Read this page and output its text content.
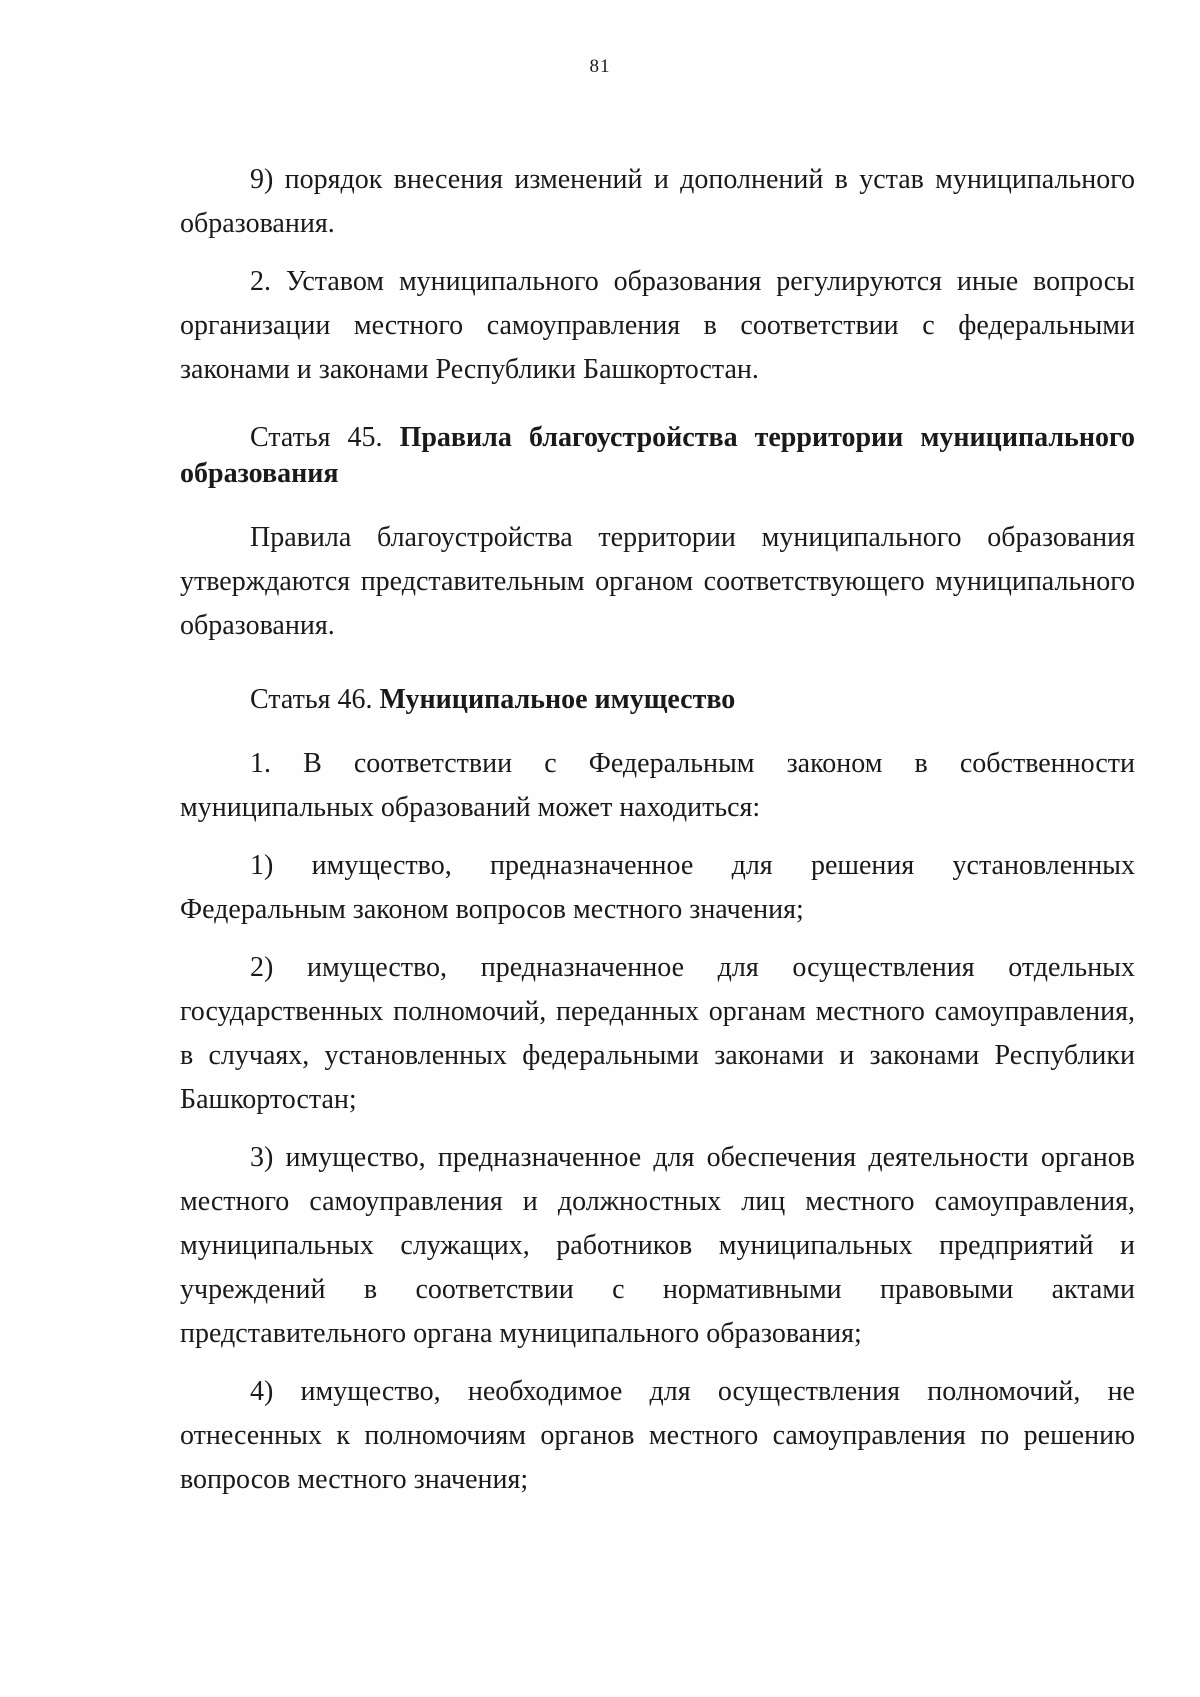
81

9) порядок внесения изменений и дополнений в устав муниципального образования.

2. Уставом муниципального образования регулируются иные вопросы организации местного самоуправления в соответствии с федеральными законами и законами Республики Башкортостан.

Статья 45. Правила благоустройства территории муниципального образования

Правила благоустройства территории муниципального образования утверждаются представительным органом соответствующего муниципального образования.

Статья 46. Муниципальное имущество

1. В соответствии с Федеральным законом в собственности муниципальных образований может находиться:

1) имущество, предназначенное для решения установленных Федеральным законом вопросов местного значения;

2) имущество, предназначенное для осуществления отдельных государственных полномочий, переданных органам местного самоуправления, в случаях, установленных федеральными законами и законами Республики Башкортостан;

3) имущество, предназначенное для обеспечения деятельности органов местного самоуправления и должностных лиц местного самоуправления, муниципальных служащих, работников муниципальных предприятий и учреждений в соответствии с нормативными правовыми актами представительного органа муниципального образования;

4) имущество, необходимое для осуществления полномочий, не отнесенных к полномочиям органов местного самоуправления по решению вопросов местного значения;
